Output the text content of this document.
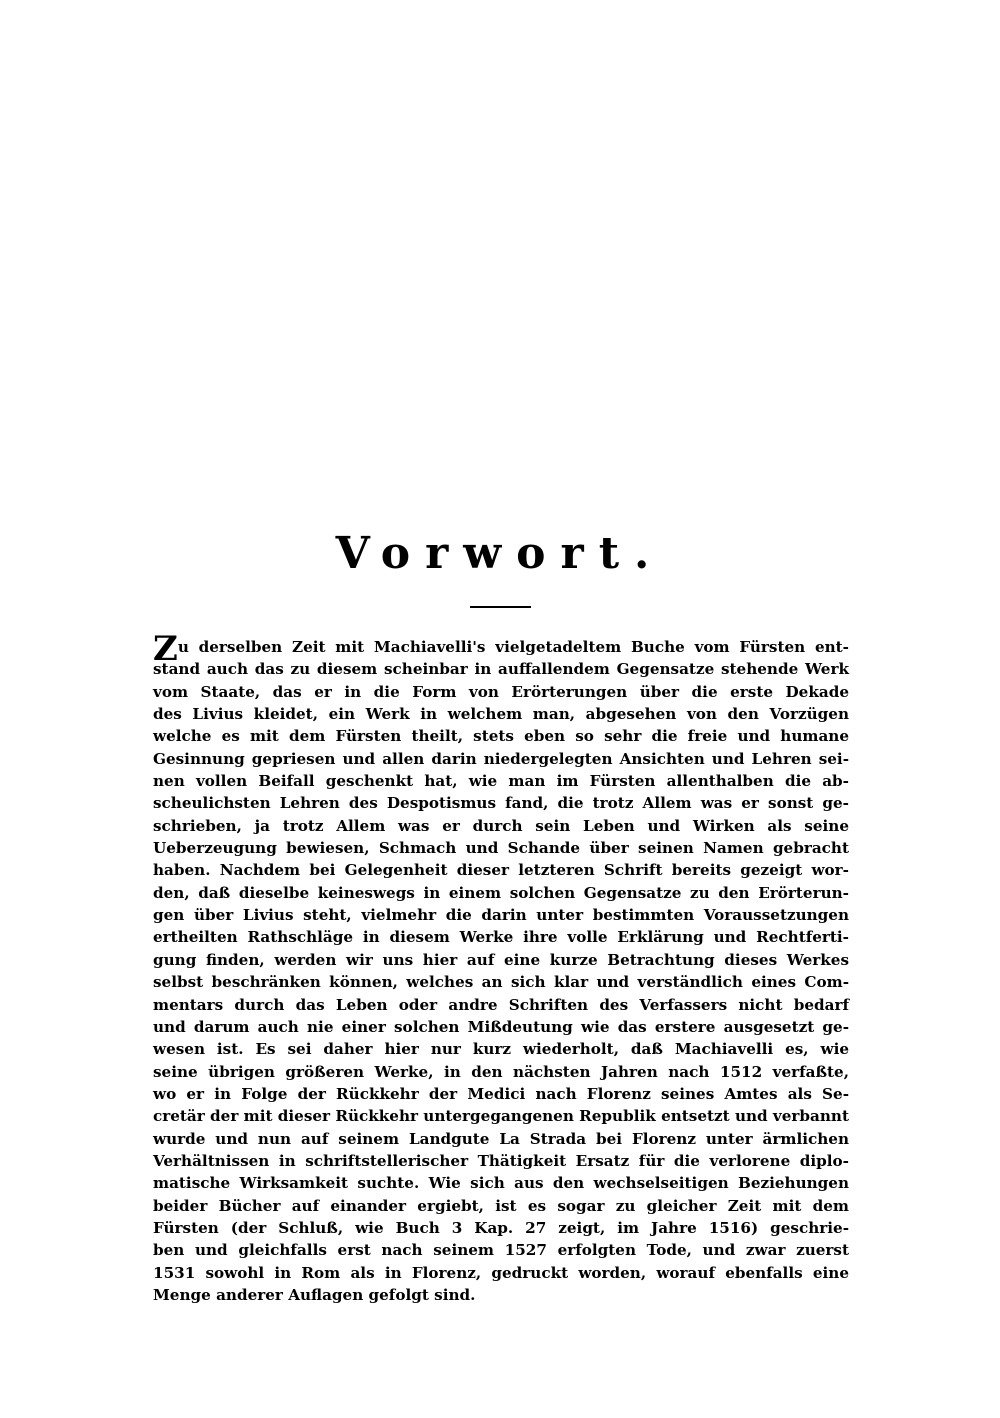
Vorwort.
Zu derselben Zeit mit Machiavelli's vielgetadeltem Buche vom Fürsten ent-
stand auch das zu diesem scheinbar in auffallendem Gegensatze stehende Werk
vom Staate, das er in die Form von Erörterungen über die erste Dekade
des Livius kleidet, ein Werk in welchem man, abgesehen von den Vorzügen
welche es mit dem Fürsten theilt, stets eben so sehr die freie und humane
Gesinnung gepriesen und allen darin niedergelegten Ansichten und Lehren sei-
nen vollen Beifall geschenkt hat, wie man im Fürsten allenthalben die ab-
scheulichsten Lehren des Despotismus fand, die trotz Allem was er sonst ge-
schrieben, ja trotz Allem was er durch sein Leben und Wirken als seine
Ueberzeugung bewiesen, Schmach und Schande über seinen Namen gebracht
haben. Nachdem bei Gelegenheit dieser letzteren Schrift bereits gezeigt wor-
den, daß dieselbe keineswegs in einem solchen Gegensatze zu den Erörterun-
gen über Livius steht, vielmehr die darin unter bestimmten Voraussetzungen
ertheilten Rathschläge in diesem Werke ihre volle Erklärung und Rechtferti-
gung finden, werden wir uns hier auf eine kurze Betrachtung dieses Werkes
selbst beschränken können, welches an sich klar und verständlich eines Com-
mentars durch das Leben oder andre Schriften des Verfassers nicht bedarf
und darum auch nie einer solchen Mißdeutung wie das erstere ausgesetzt ge-
wesen ist. Es sei daher hier nur kurz wiederholt, daß Machiavelli es, wie
seine übrigen größeren Werke, in den nächsten Jahren nach 1512 verfaßte,
wo er in Folge der Rückkehr der Medici nach Florenz seines Amtes als Se-
cretär der mit dieser Rückkehr untergegangenen Republik entsetzt und verbannt
wurde und nun auf seinem Landgute La Strada bei Florenz unter ärmlichen
Verhältnissen in schriftstellerischer Thätigkeit Ersatz für die verlorene diplo-
matische Wirksamkeit suchte. Wie sich aus den wechselseitigen Beziehungen
beider Bücher auf einander ergiebt, ist es sogar zu gleicher Zeit mit dem
Fürsten (der Schluß, wie Buch 3 Kap. 27 zeigt, im Jahre 1516) geschrie-
ben und gleichfalls erst nach seinem 1527 erfolgten Tode, und zwar zuerst
1531 sowohl in Rom als in Florenz, gedruckt worden, worauf ebenfalls eine
Menge anderer Auflagen gefolgt sind.
